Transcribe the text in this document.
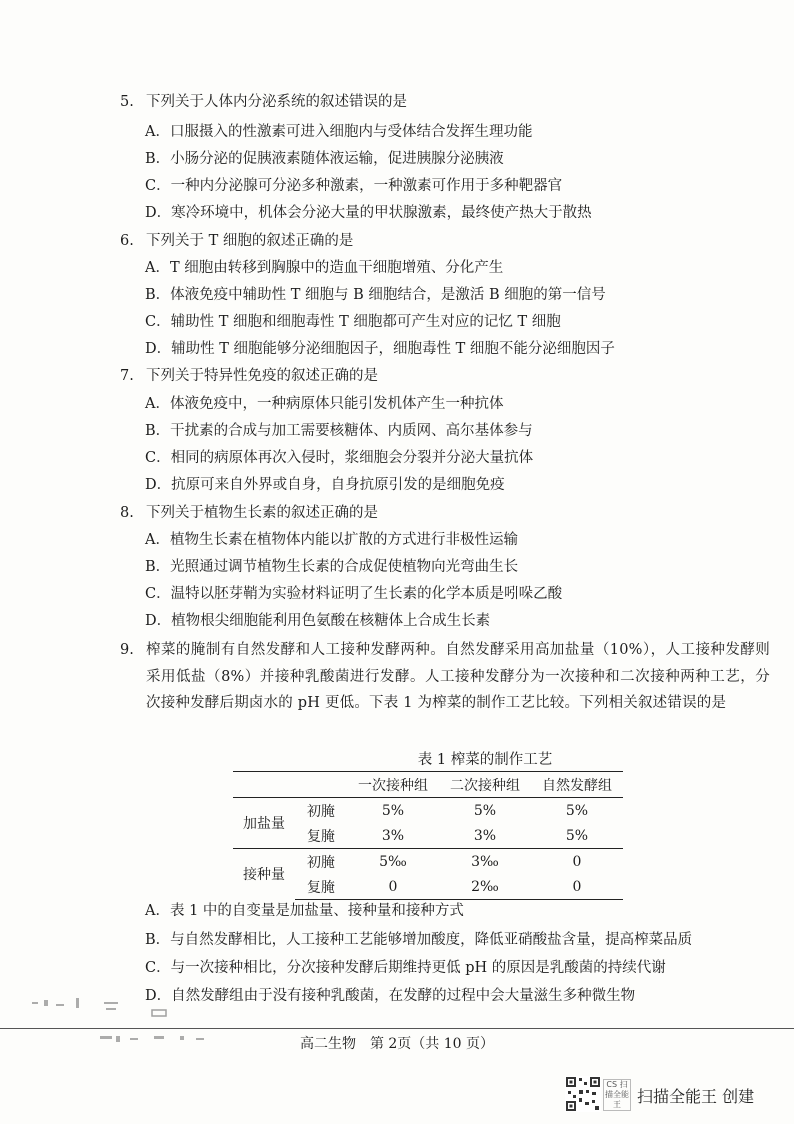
5. 下列关于人体内分泌系统的叙述错误的是
A．口服摄入的性激素可进入细胞内与受体结合发挥生理功能
B．小肠分泌的促胰液素随体液运输，促进胰腺分泌胰液
C．一种内分泌腺可分泌多种激素，一种激素可作用于多种靶器官
D．寒冷环境中，机体会分泌大量的甲状腺激素，最终使产热大于散热
6. 下列关于 T 细胞的叙述正确的是
A．T 细胞由转移到胸腺中的造血干细胞增殖、分化产生
B．体液免疫中辅助性 T 细胞与 B 细胞结合，是激活 B 细胞的第一信号
C．辅助性 T 细胞和细胞毒性 T 细胞都可产生对应的记忆 T 细胞
D．辅助性 T 细胞能够分泌细胞因子，细胞毒性 T 细胞不能分泌细胞因子
7. 下列关于特异性免疫的叙述正确的是
A．体液免疫中，一种病原体只能引发机体产生一种抗体
B．干扰素的合成与加工需要核糖体、内质网、高尔基体参与
C．相同的病原体再次入侵时，浆细胞会分裂并分泌大量抗体
D．抗原可来自外界或自身，自身抗原引发的是细胞免疫
8. 下列关于植物生长素的叙述正确的是
A．植物生长素在植物体内能以扩散的方式进行非极性运输
B．光照通过调节植物生长素的合成促使植物向光弯曲生长
C．温特以胚芽鞘为实验材料证明了生长素的化学本质是吲哚乙酸
D．植物根尖细胞能利用色氨酸在核糖体上合成生长素
9. 榨菜的腌制有自然发酵和人工接种发酵两种。自然发酵采用高加盐量（10%），人工接种发酵则采用低盐（8%）并接种乳酸菌进行发酵。人工接种发酵分为一次接种和二次接种两种工艺，分次接种发酵后期卤水的 pH 更低。下表 1 为榨菜的制作工艺比较。下列相关叙述错误的是
表 1 榨菜的制作工艺
		一次接种组	二次接种组	自然发酵组
加盐量	初腌	5%	5%	5%
	复腌	3%	3%	5%
接种量	初腌	5‰	3‰	0
	复腌	0	2‰	0
A．表 1 中的自变量是加盐量、接种量和接种方式
B．与自然发酵相比，人工接种工艺能够增加酸度，降低亚硝酸盐含量，提高榨菜品质
C．与一次接种相比，分次接种发酵后期维持更低 pH 的原因是乳酸菌的持续代谢
D．自然发酵组由于没有接种乳酸菌，在发酵的过程中会大量滋生多种微生物
高二生物　第 2页（共 10 页）
CS 扫描全能王	扫描全能王 创建
